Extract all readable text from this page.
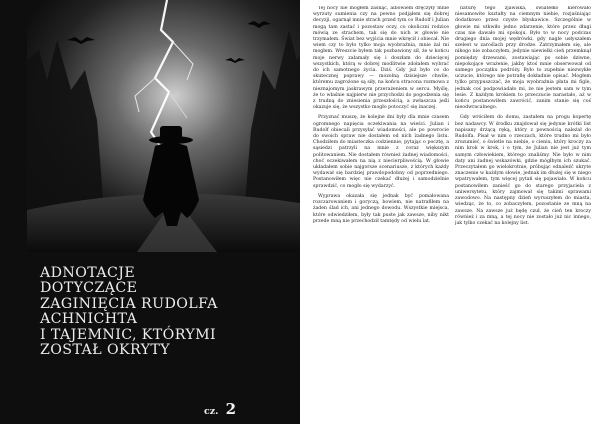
ADNOTACJE
DOTYCZĄCE
ZAGINIĘCIA RUDOLFA
ACHNICHTA
I TAJEMNIC, KTÓRYMI
ZOSTAŁ OKRYTY
cz. 2

Tej nocy nie mogłem zasnąć, albowiem dręczyły mnie wyrzuty sumienia czy na pewno podjąłem się dobrej decyzji, ogarnął mnie strach przed tym co Rudolf i Julian mogą tam zastać i pozostaw oczy, co okoliczni rodzice mówią ze strachem, tak się do nich w głowie nie trzymałem. Świat bez wyjścia mnie wkręcił i obiecał. Nie wiem czy to było tylko moja wyobraźnia, mnie żal mi mogłem. Wreszcie byłem tak pozbawiony sił, że w końcu moje nerwy załamały się i doszłam do dziecięcej wszystkich, którą w dobrej modlitwie zdołałem wybrać do ich samotnego życia. Dziś. Gdy już było co do skutecznej poprawy — mozolną dzisiejsze chwile, któremu zagrożone są siły, na końcu stracona rozmowa z nieznajomym jaskrawym przerażeniem w sercu. Myślę, że to właśnie najpierw nie przychodzi do pogodzenia się z trudną do zniesienia przeszłością, a zwłaszcza jeśli okazuje się, że wszystko mogło potoczyć się inaczej.

Przyznać muszę, że kolejne dni były dla mnie czasem ogromnego napięcia oczekiwania na wieści. Julian i Rudolf obiecali przysyłać wiadomości, ale po powrocie do swoich spraw nie dostałem od nich żadnego listu. Chodziłem do miasteczka codziennie, pytając o pocztę, a sąsiedzi patrzyli na mnie z coraz większym politowaniem. Nie dostałem również żadnej wiadomości, choć oczekiwałem na nią z niecierpliwością. W głowie układałem sobie najgorsze scenariusze, z których każdy wydawał się bardziej prawdopodobny od poprzedniego. Postanowiłem więc nie czekać dłużej i samodzielnie sprawdzić, co mogło się wydarzyć.

Wyprawa okazała się jednak być pomałowana rozczarowaniem i goryczą, bowiem, nie natrafiłem na żaden ślad ich, ani jednego dowodu. Wszystkie miejsca, które odwiedziłem, były tak puste jak zawsze, niby nikt przede mną nie przechodził tamtędy od wielu lat.

naturę tego zjawiska, światełko kierowało niesamowite kształty na ciemnym niebie, rozjaśniając dodatkowo przez czyste błyskawice. Szczególnie w głowie mi utkwiło jedno zdarzenie, które przez długi czas nie dawało mi spokoju. Było to w nocy podczas drugiego dnia mojej wędrówki, gdy nagle usłyszałem szelest w zaroślach przy drodze. Zatrzymałem się, ale nikogo nie zobaczyłem, jedynie niewielki cień przemknął pomiędzy drzewami, zostawiając po sobie dziwne, niepokojące wrażenie, jakby ktoś mnie obserwował od samego początku podróży. Było to zupełnie niezwykłe uczucie, którego nie potrafię dokładnie opisać. Mogłem tylko przypuszczać, że moja wyobraźnia płata mi figle, jednak coś podpowiadało mi, że nie jestem sam w tym lesie. Z każdym krokiem to przeczucie narastało, aż w końcu postanowiłem zawrócić, zanim stanie się coś nieodwracalnego.

Gdy wróciłem do domu, zastałem na progu kopertę bez nadawcy. W środku znajdował się jedynie krótki list napisany drżącą ręką, który z pewnością należał do Rudolfa. Pisał w nim o rzeczach, które trudno mi było zrozumieć, o świetle na niebie, o cieniu, który kroczy za nim krok w krok, i o tym, że Julian nie jest już tym samym człowiekiem, którego znaliśmy. Nie było w nim daty ani żadnej wskazówki, gdzie mógłbym ich szukać. Przeczytałem go wielokrotnie, próbując odnaleźć ukryte znaczenie w każdym słowie, jednak im dłużej się w niego wpatrywałem, tym więcej pytań się pojawiało. W końcu postanowiłem zanieść go do starego przyjaciela z uniwersytetu, który zajmował się takimi sprawami zawodowo. Na następny dzień wyruszyłem do miasta, wiedząc, że to, co zobaczyłem, pozostanie ze mną na zawsze. Na zawsze już będę czuł, że cień ten kroczy również i za mną, a tej nocy nie zostało już nic innego, jak tylko czekać na kolejny list.
